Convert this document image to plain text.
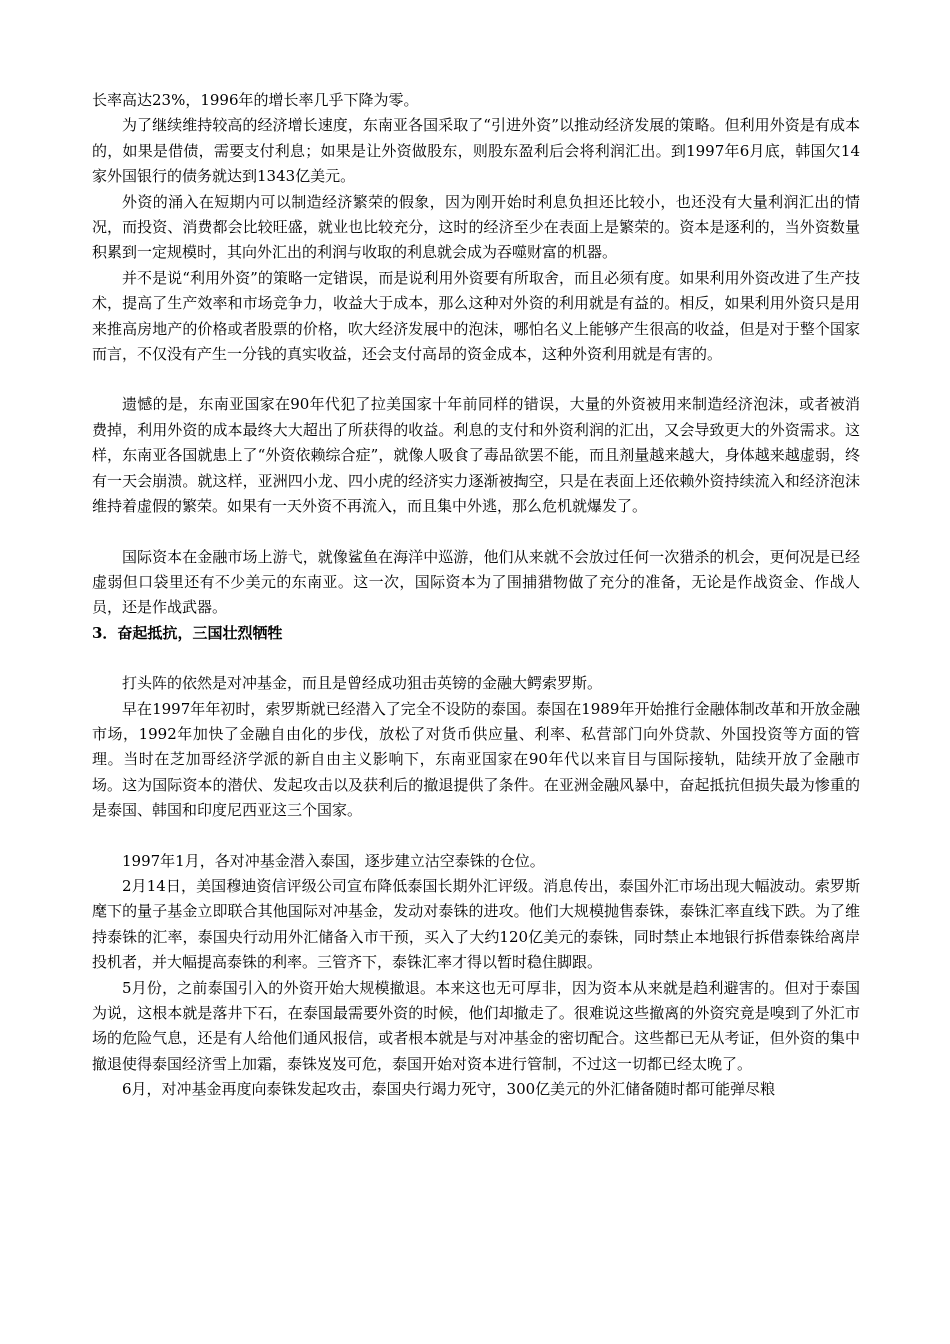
长率高达23%，1996年的增长率几乎下降为零。

为了继续维持较高的经济增长速度，东南亚各国采取了“引进外资”以推动经济发展的策略。但利用外资是有成本的，如果是借债，需要支付利息；如果是让外资做股东，则股东盈利后会将利润汇出。到1997年6月底，韩国欠14家外国银行的债务就达到1343亿美元。

外资的涌入在短期内可以制造经济繁荣的假象，因为刚开始时利息负担还比较小，也还没有大量利润汇出的情况，而投资、消费都会比较旺盛，就业也比较充分，这时的经济至少在表面上是繁荣的。资本是逐利的，当外资数量积累到一定规模时，其向外汇出的利润与收取的利息就会成为吞噬财富的机器。

并不是说“利用外资”的策略一定错误，而是说利用外资要有所取舍，而且必须有度。如果利用外资改进了生产技术，提高了生产效率和市场竞争力，收益大于成本，那么这种对外资的利用就是有益的。相反，如果利用外资只是用来推高房地产的价格或者股票的价格，吹大经济发展中的泡沫，哪怕名义上能够产生很高的收益，但是对于整个国家而言，不仅没有产生一分钱的真实收益，还会支付高昂的资金成本，这种外资利用就是有害的。

遗憾的是，东南亚国家在90年代犯了拉美国家十年前同样的错误，大量的外资被用来制造经济泡沫，或者被消费掉，利用外资的成本最终大大超出了所获得的收益。利息的支付和外资利润的汇出，又会导致更大的外资需求。这样，东南亚各国就患上了“外资依赖综合症”，就像人吸食了毒品欲罢不能，而且剂量越来越大，身体越来越虚弱，终有一天会崩溃。就这样，亚洲四小龙、四小虎的经济实力逐渐被掏空，只是在表面上还依赖外资持续流入和经济泡沫维持着虚假的繁荣。如果有一天外资不再流入，而且集中外逃，那么危机就爆发了。

国际资本在金融市场上游弋，就像鲨鱼在海洋中巡游，他们从来就不会放过任何一次猎杀的机会，更何况是已经虚弱但口袋里还有不少美元的东南亚。这一次，国际资本为了围捕猎物做了充分的准备，无论是作战资金、作战人员，还是作战武器。

3．奋起抵抗，三国壮烈牺牲

打头阵的依然是对冲基金，而且是曾经成功狙击英镑的金融大鳄索罗斯。

早在1997年年初时，索罗斯就已经潜入了完全不设防的泰国。泰国在1989年开始推行金融体制改革和开放金融市场，1992年加快了金融自由化的步伐，放松了对货币供应量、利率、私营部门向外贷款、外国投资等方面的管理。当时在芝加哥经济学派的新自由主义影响下，东南亚国家在90年代以来盲目与国际接轨，陆续开放了金融市场。这为国际资本的潜伏、发起攻击以及获利后的撤退提供了条件。在亚洲金融风暴中，奋起抵抗但损失最为惨重的是泰国、韩国和印度尼西亚这三个国家。

1997年1月，各对冲基金潜入泰国，逐步建立沽空泰铢的仓位。

2月14日，美国穆迪资信评级公司宣布降低泰国长期外汇评级。消息传出，泰国外汇市场出现大幅波动。索罗斯麾下的量子基金立即联合其他国际对冲基金，发动对泰铢的进攻。他们大规模抛售泰铢，泰铢汇率直线下跌。为了维持泰铢的汇率，泰国央行动用外汇储备入市干预，买入了大约120亿美元的泰铢，同时禁止本地银行拆借泰铢给离岸投机者，并大幅提高泰铢的利率。三管齐下，泰铢汇率才得以暂时稳住脚跟。

5月份，之前泰国引入的外资开始大规模撤退。本来这也无可厚非，因为资本从来就是趋利避害的。但对于泰国为说，这根本就是落井下石，在泰国最需要外资的时候，他们却撤走了。很难说这些撤离的外资究竟是嗅到了外汇市场的危险气息，还是有人给他们通风报信，或者根本就是与对冲基金的密切配合。这些都已无从考证，但外资的集中撤退使得泰国经济雪上加霜，泰铢岌岌可危，泰国开始对资本进行管制，不过这一切都已经太晚了。

6月，对冲基金再度向泰铢发起攻击，泰国央行竭力死守，300亿美元的外汇储备随时都可能弹尽粮
